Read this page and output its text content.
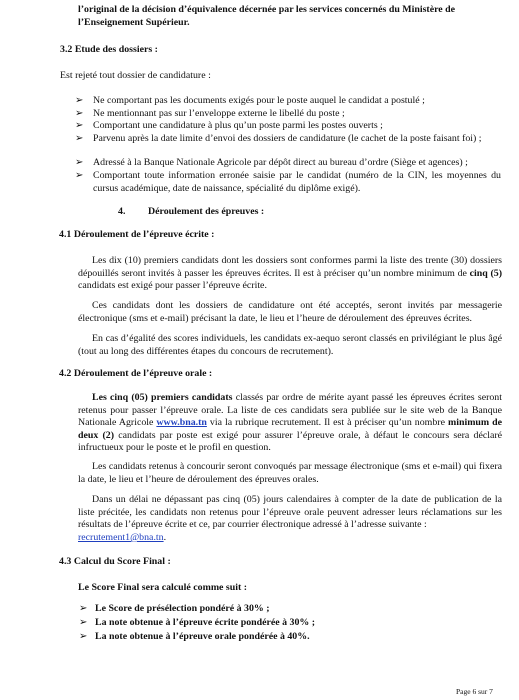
l’original de la décision d’équivalence décernée par les services concernés du Ministère de

l’Enseignement Supérieur.

3.2 Etude des dossiers :

Est rejeté tout dossier de candidature :

➢ Ne comportant pas les documents exigés pour le poste auquel le candidat a postulé ;

➢ Ne mentionnant pas sur l’enveloppe externe le libellé du poste ;

➢ Comportant une candidature à plus qu’un poste parmi les postes ouverts ;

➢ Parvenu après la date limite d’envoi des dossiers de candidature (le cachet de la poste faisant foi) ;

➢ Adressé à la Banque Nationale Agricole par dépôt direct au bureau d’ordre (Siège et agences) ;

➢ Comportant toute information erronée saisie par le candidat (numéro de la CIN, les moyennes du cursus académique, date de naissance, spécialité du diplôme exigé).

4. Déroulement des épreuves :

4.1 Déroulement de l’épreuve écrite :

Les dix (10) premiers candidats dont les dossiers sont conformes parmi la liste des trente (30) dossiers dépouillés seront invités à passer les épreuves écrites. Il est à préciser qu’un nombre minimum de cinq (5) candidats est exigé pour passer l’épreuve écrite.

Ces candidats dont les dossiers de candidature ont été acceptés, seront invités par messagerie électronique (sms et e-mail) précisant la date, le lieu et l’heure de déroulement des épreuves écrites.

En cas d’égalité des scores individuels, les candidats ex-aequo seront classés en privilégiant le plus âgé (tout au long des différentes étapes du concours de recrutement).

4.2 Déroulement de l’épreuve orale :

Les cinq (05) premiers candidats classés par ordre de mérite ayant passé les épreuves écrites seront retenus pour passer l’épreuve orale. La liste de ces candidats sera publiée sur le site web de la Banque Nationale Agricole www.bna.tn via la rubrique recrutement. Il est à préciser qu’un nombre minimum de deux (2) candidats par poste est exigé pour assurer l’épreuve orale, à défaut le concours sera déclaré infructueux pour le poste et le profil en question.

Les candidats retenus à concourir seront convoqués par message électronique (sms et e-mail) qui fixera la date, le lieu et l’heure de déroulement des épreuves orales.

Dans un délai ne dépassant pas cinq (05) jours calendaires à compter de la date de publication de la liste précitée, les candidats non retenus pour l’épreuve orale peuvent adresser leurs réclamations sur les résultats de l’épreuve écrite et ce, par courrier électronique adressé à l’adresse suivante :

recrutement1@bna.tn.

4.3 Calcul du Score Final :

Le Score Final sera calculé comme suit :

➢ Le Score de présélection pondéré à 30% ;

➢ La note obtenue à l’épreuve écrite pondérée à 30% ;

➢ La note obtenue à l’épreuve orale pondérée à 40%.

Page 6 sur 7
